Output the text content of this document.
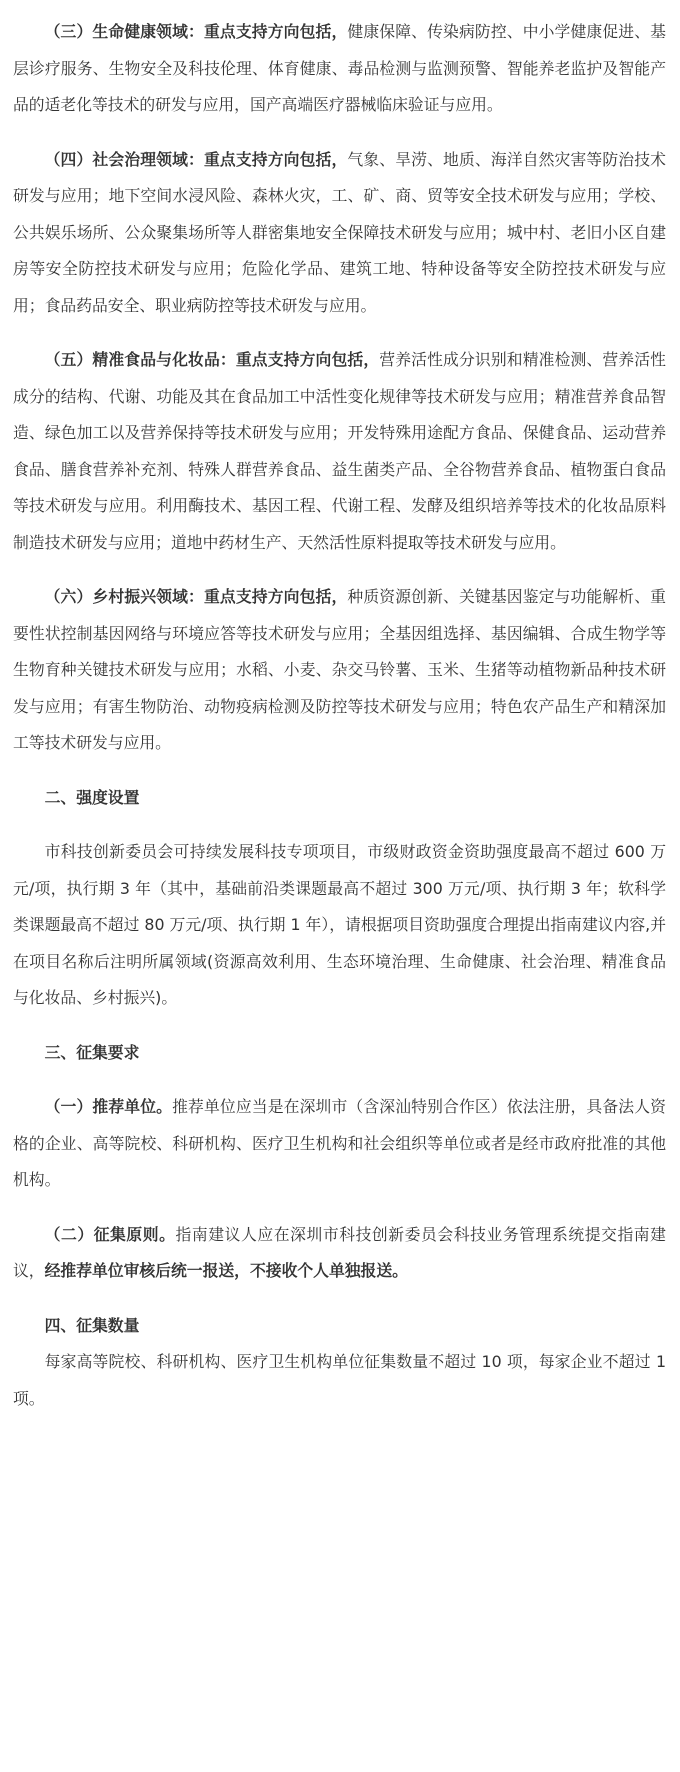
（三）生命健康领域：重点支持方向包括，健康保障、传染病防控、中小学健康促进、基层诊疗服务、生物安全及科技伦理、体育健康、毒品检测与监测预警、智能养老监护及智能产品的适老化等技术的研发与应用，国产高端医疗器械临床验证与应用。

（四）社会治理领域：重点支持方向包括，气象、旱涝、地质、海洋自然灾害等防治技术研发与应用；地下空间水浸风险、森林火灾，工、矿、商、贸等安全技术研发与应用；学校、公共娱乐场所、公众聚集场所等人群密集地安全保障技术研发与应用；城中村、老旧小区自建房等安全防控技术研发与应用；危险化学品、建筑工地、特种设备等安全防控技术研发与应用；食品药品安全、职业病防控等技术研发与应用。

（五）精准食品与化妆品：重点支持方向包括，营养活性成分识别和精准检测、营养活性成分的结构、代谢、功能及其在食品加工中活性变化规律等技术研发与应用；精准营养食品智造、绿色加工以及营养保持等技术研发与应用；开发特殊用途配方食品、保健食品、运动营养食品、膳食营养补充剂、特殊人群营养食品、益生菌类产品、全谷物营养食品、植物蛋白食品等技术研发与应用。利用酶技术、基因工程、代谢工程、发酵及组织培养等技术的化妆品原料制造技术研发与应用；道地中药材生产、天然活性原料提取等技术研发与应用。

（六）乡村振兴领域：重点支持方向包括，种质资源创新、关键基因鉴定与功能解析、重要性状控制基因网络与环境应答等技术研发与应用；全基因组选择、基因编辑、合成生物学等生物育种关键技术研发与应用；水稻、小麦、杂交马铃薯、玉米、生猪等动植物新品种技术研发与应用；有害生物防治、动物疫病检测及防控等技术研发与应用；特色农产品生产和精深加工等技术研发与应用。

二、强度设置

市科技创新委员会可持续发展科技专项项目，市级财政资金资助强度最高不超过 600 万元/项，执行期 3 年（其中，基础前沿类课题最高不超过 300 万元/项、执行期 3 年；软科学类课题最高不超过 80 万元/项、执行期 1 年），请根据项目资助强度合理提出指南建议内容,并在项目名称后注明所属领域(资源高效利用、生态环境治理、生命健康、社会治理、精准食品与化妆品、乡村振兴)。

三、征集要求

（一）推荐单位。推荐单位应当是在深圳市（含深汕特别合作区）依法注册，具备法人资格的企业、高等院校、科研机构、医疗卫生机构和社会组织等单位或者是经市政府批准的其他机构。

（二）征集原则。指南建议人应在深圳市科技创新委员会科技业务管理系统提交指南建议，经推荐单位审核后统一报送，不接收个人单独报送。

四、征集数量

每家高等院校、科研机构、医疗卫生机构单位征集数量不超过 10 项，每家企业不超过 1 项。
